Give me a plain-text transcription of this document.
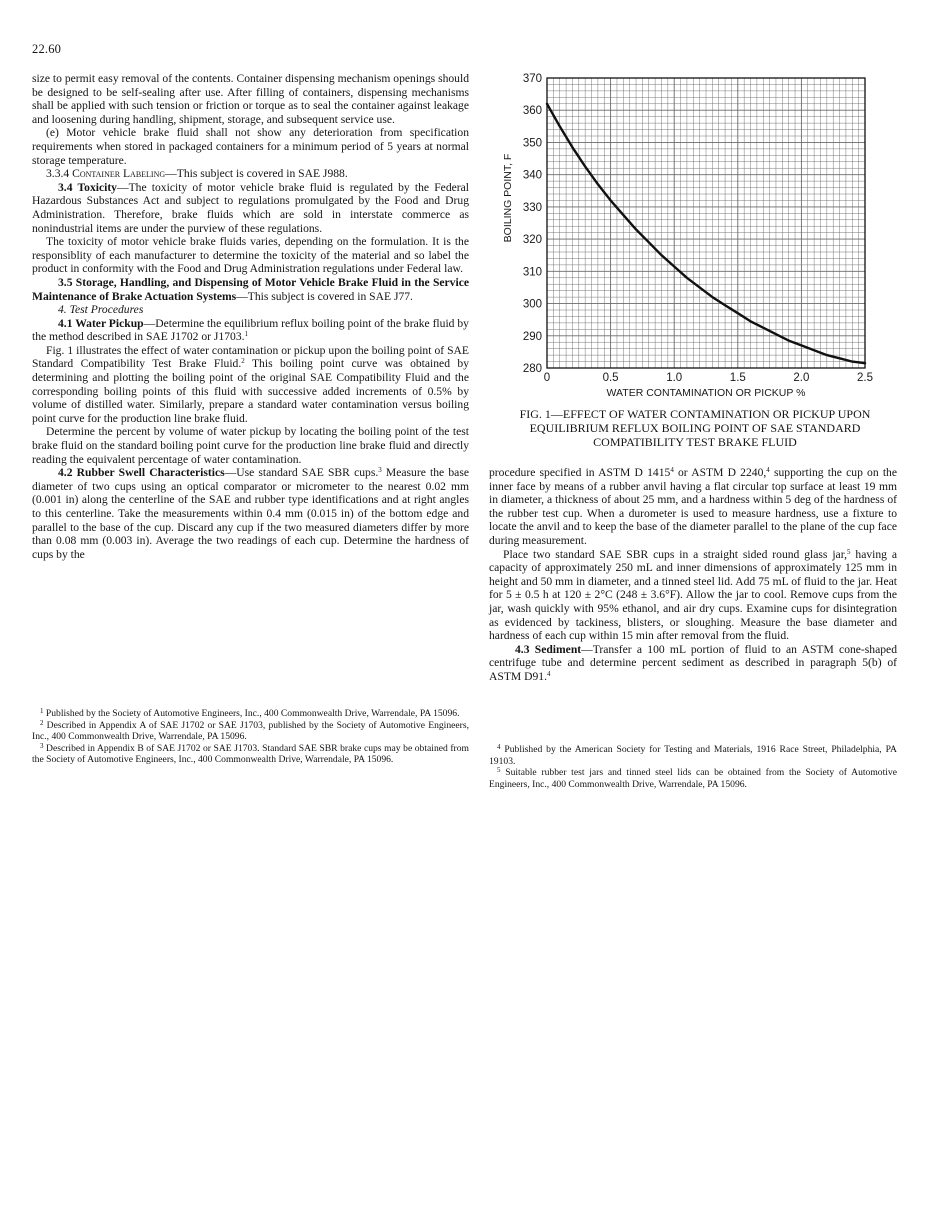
22.60

size to permit easy removal of the contents. Container dispensing mechanism openings should be designed to be self-sealing after use. After filling of containers, dispensing mechanisms shall be applied with such tension or friction or torque as to seal the container against leakage and loosening during handling, shipment, storage, and subsequent service use.

(e) Motor vehicle brake fluid shall not show any deterioration from specification requirements when stored in packaged containers for a minimum period of 5 years at normal storage temperature.

3.3.4 Container Labeling—This subject is covered in SAE J988.

3.4 Toxicity—The toxicity of motor vehicle brake fluid is regulated by the Federal Hazardous Substances Act and subject to regulations promulgated by the Food and Drug Administration. Therefore, brake fluids which are sold in interstate commerce as nonindustrial items are under the purview of these regulations.

The toxicity of motor vehicle brake fluids varies, depending on the formulation. It is the responsiblity of each manufacturer to determine the toxicity of the material and so label the product in conformity with the Food and Drug Administration regulations under Federal law.

3.5 Storage, Handling, and Dispensing of Motor Vehicle Brake Fluid in the Service Maintenance of Brake Actuation Systems—This subject is covered in SAE J77.

4. Test Procedures

4.1 Water Pickup—Determine the equilibrium reflux boiling point of the brake fluid by the method described in SAE J1702 or J1703.$^1$

Fig. 1 illustrates the effect of water contamination or pickup upon the boiling point of SAE Standard Compatibility Test Brake Fluid.$^2$ This boiling point curve was obtained by determining and plotting the boiling point of the original SAE Compatibility Fluid and the corresponding boiling points of this fluid with successive added increments of 0.5% by volume of distilled water. Similarly, prepare a standard water contamination versus boiling point curve for the production line brake fluid.

Determine the percent by volume of water pickup by locating the boiling point of the test brake fluid on the standard boiling point curve for the production line brake fluid and directly reading the equivalent percentage of water contamination.

4.2 Rubber Swell Characteristics—Use standard SAE SBR cups.$^3$ Measure the base diameter of two cups using an optical comparator or micrometer to the nearest 0.02 mm (0.001 in) along the centerline of the SAE and rubber type identifications and at right angles to this centerline. Take the measurements within 0.4 mm (0.015 in) of the bottom edge and parallel to the base of the cup. Discard any cup if the two measured diameters differ by more than 0.08 mm (0.003 in). Average the two readings of each cup. Determine the hardness of cups by the

$^1$ Published by the Society of Automotive Engineers, Inc., 400 Commonwealth Drive, Warrendale, PA 15096.

$^2$ Described in Appendix A of SAE J1702 or SAE J1703, published by the Society of Automotive Engineers, Inc., 400 Commonwealth Drive, Warrendale, PA 15096.

$^3$ Described in Appendix B of SAE J1702 or SAE J1703. Standard SAE SBR brake cups may be obtained from the Society of Automotive Engineers, Inc., 400 Commonwealth Drive, Warrendale, PA 15096.

280
290
300
310
320
330
340
350
360
370
0	0.5	1.0	1.5	2.0	2.5
WATER CONTAMINATION OR PICKUP %
BOILING POINT, F
FIG. 1—EFFECT OF WATER CONTAMINATION OR PICKUP UPON EQUILIBRIUM REFLUX BOILING POINT OF SAE STANDARD COMPATIBILITY TEST BRAKE FLUID

procedure specified in ASTM D 1415$^4$ or ASTM D 2240,$^4$ supporting the cup on the inner face by means of a rubber anvil having a flat circular top surface at least 19 mm in diameter, a thickness of about 25 mm, and a hardness within 5 deg of the hardness of the rubber test cup. When a durometer is used to measure hardness, use a fixture to locate the anvil and to keep the base of the diameter parallel to the plane of the cup face during measurement.

Place two standard SAE SBR cups in a straight sided round glass jar,$^5$ having a capacity of approximately 250 mL and inner dimensions of approximately 125 mm in height and 50 mm in diameter, and a tinned steel lid. Add 75 mL of fluid to the jar. Heat for 5 ± 0.5 h at 120 ± 2°C (248 ± 3.6°F). Allow the jar to cool. Remove cups from the jar, wash quickly with 95% ethanol, and air dry cups. Examine cups for disintegration as evidenced by tackiness, blisters, or sloughing. Measure the base diameter and hardness of each cup within 15 min after removal from the fluid.

4.3 Sediment—Transfer a 100 mL portion of fluid to an ASTM cone-shaped centrifuge tube and determine percent sediment as described in paragraph 5(b) of ASTM D91.$^4$

$^4$ Published by the American Society for Testing and Materials, 1916 Race Street, Philadelphia, PA 19103.

$^5$ Suitable rubber test jars and tinned steel lids can be obtained from the Society of Automotive Engineers, Inc., 400 Commonwealth Drive, Warrendale, PA 15096.
